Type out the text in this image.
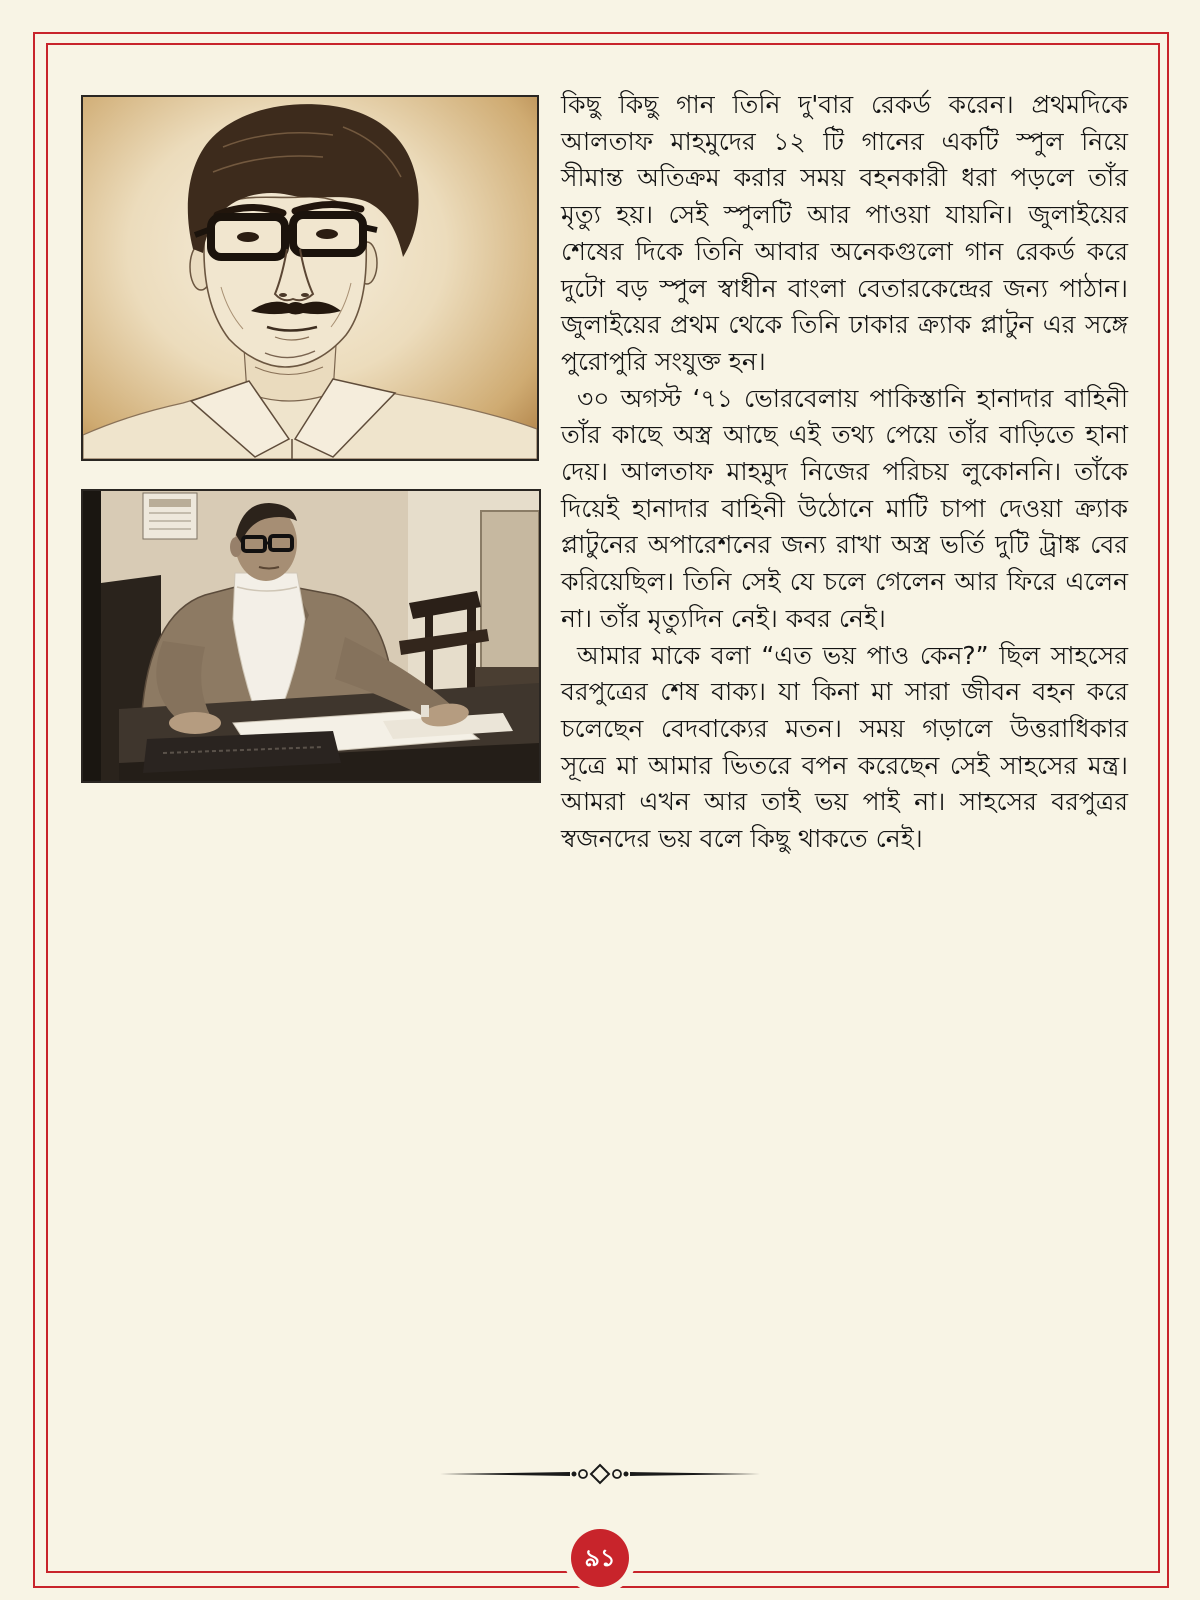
কিছু কিছু গান তিনি দু'বার রেকর্ড করেন। প্রথমদিকে আলতাফ মাহমুদের ১২ টি গানের একটি স্পুল নিয়ে সীমান্ত অতিক্রম করার সময় বহনকারী ধরা পড়লে তাঁর মৃত্যু হয়। সেই স্পুলটি আর পাওয়া যায়নি। জুলাইয়ের শেষের দিকে তিনি আবার অনেকগুলো গান রেকর্ড করে দুটো বড় স্পুল স্বাধীন বাংলা বেতারকেন্দ্রের জন্য পাঠান। জুলাইয়ের প্রথম থেকে তিনি ঢাকার ক্র্যাক প্লাটুন এর সঙ্গে পুরোপুরি সংযুক্ত হন।

৩০ অগস্ট ‘৭১ ভোরবেলায় পাকিস্তানি হানাদার বাহিনী তাঁর কাছে অস্ত্র আছে এই তথ্য পেয়ে তাঁর বাড়িতে হানা দেয়। আলতাফ মাহমুদ নিজের পরিচয় লুকোননি। তাঁকে দিয়েই হানাদার বাহিনী উঠোনে মাটি চাপা দেওয়া ক্র্যাক প্লাটুনের অপারেশনের জন্য রাখা অস্ত্র ভর্তি দুটি ট্রাঙ্ক বের করিয়েছিল। তিনি সেই যে চলে গেলেন আর ফিরে এলেন না। তাঁর মৃত্যুদিন নেই। কবর নেই।

আমার মাকে বলা “এত ভয় পাও কেন?” ছিল সাহসের বরপুত্রের শেষ বাক্য। যা কিনা মা সারা জীবন বহন করে চলেছেন বেদবাক্যের মতন। সময় গড়ালে উত্তরাধিকার সূত্রে মা আমার ভিতরে বপন করেছেন সেই সাহসের মন্ত্র। আমরা এখন আর তাই ভয় পাই না। সাহসের বরপুত্রর স্বজনদের ভয় বলে কিছু থাকতে নেই।

৯১
